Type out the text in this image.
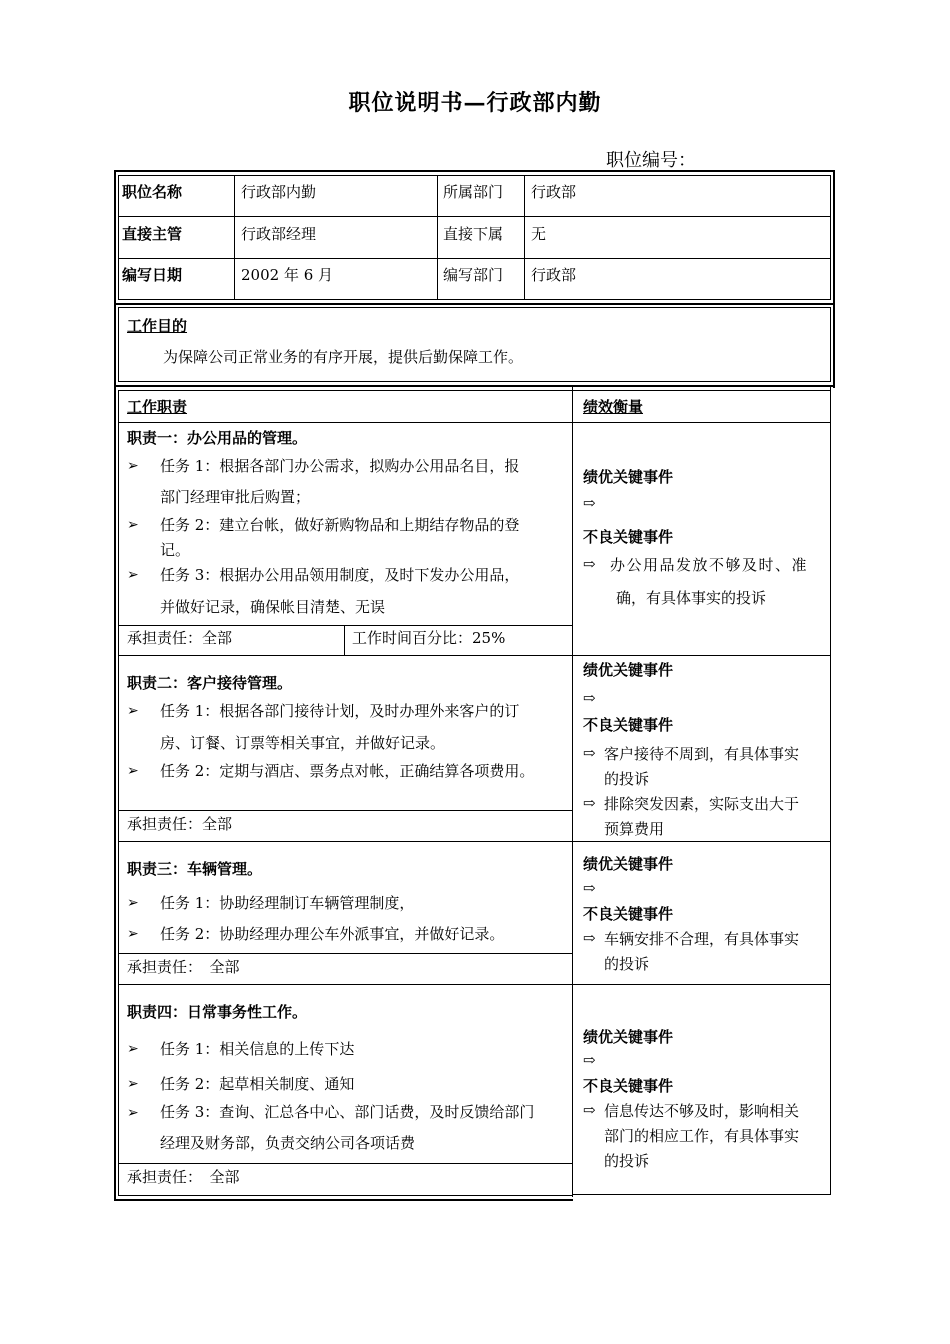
职位说明书—行政部内勤
职位编号：
职位名称	行政部内勤	所属部门 行政部
直接主管	行政部经理	直接下属 无
编写日期	2002 年 6 月	编写部门 行政部
工作目的
为保障公司正常业务的有序开展，提供后勤保障工作。
工作职责	绩效衡量
职责一：办公用品的管理。
➢ 任务 1：根据各部门办公需求，拟购办公用品名目，报
部门经理审批后购置；
➢ 任务 2：建立台帐，做好新购物品和上期结存物品的登
记。
➢ 任务 3：根据办公用品领用制度，及时下发办公用品，
并做好记录，确保帐目清楚、无误
承担责任：全部	工作时间百分比：25%
绩优关键事件
⇨
不良关键事件
⇨ 办公用品发放不够及时、准
确，有具体事实的投诉
职责二：客户接待管理。
➢ 任务 1：根据各部门接待计划，及时办理外来客户的订
房、订餐、订票等相关事宜，并做好记录。
➢ 任务 2：定期与酒店、票务点对帐，正确结算各项费用。
承担责任：全部
绩优关键事件
⇨
不良关键事件
⇨ 客户接待不周到，有具体事实
的投诉
⇨ 排除突发因素，实际支出大于
预算费用
职责三：车辆管理。
➢ 任务 1：协助经理制订车辆管理制度，
➢ 任务 2：协助经理办理公车外派事宜，并做好记录。
承担责任：　全部
绩优关键事件
⇨
不良关键事件
⇨ 车辆安排不合理，有具体事实
的投诉
职责四：日常事务性工作。
➢ 任务 1：相关信息的上传下达
➢ 任务 2：起草相关制度、通知
➢ 任务 3：查询、汇总各中心、部门话费，及时反馈给部门
经理及财务部，负责交纳公司各项话费
承担责任：　全部
绩优关键事件
⇨
不良关键事件
⇨ 信息传达不够及时，影响相关
部门的相应工作，有具体事实
的投诉
